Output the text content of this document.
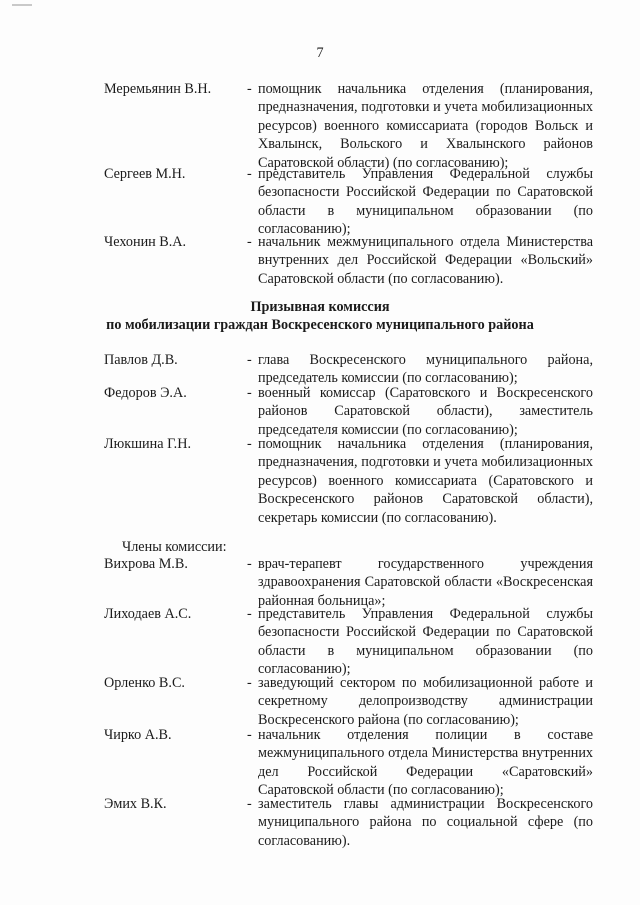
7
Меремьянин В.Н.	- помощник начальника отделения (планирования, предназначения, подготовки и учета мобилизационных ресурсов) военного комиссариата (городов Вольск и Хвалынск, Вольского и Хвалынского районов Саратовской области) (по согласованию);
Сергеев М.Н.	- представитель Управления Федеральной службы безопасности Российской Федерации по Саратовской области в муниципальном образовании (по согласованию);
Чехонин В.А.	- начальник межмуниципального отдела Министерства внутренних дел Российской Федерации «Вольский» Саратовской области (по согласованию).
Призывная комиссия
по мобилизации граждан Воскресенского муниципального района
Павлов Д.В.	- глава Воскресенского муниципального района, председатель комиссии (по согласованию);
Федоров Э.А.	- военный комиссар (Саратовского и Воскресенского районов Саратовской области), заместитель председателя комиссии (по согласованию);
Люкшина Г.Н.	- помощник начальника отделения (планирования, предназначения, подготовки и учета мобилизационных ресурсов) военного комиссариата (Саратовского и Воскресенского районов Саратовской области), секретарь комиссии (по согласованию).
Члены комиссии:
Вихрова М.В.	- врач-терапевт государственного учреждения здравоохранения Саратовской области «Воскресенская районная больница»;
Лиходаев А.С.	- представитель Управления Федеральной службы безопасности Российской Федерации по Саратовской области в муниципальном образовании (по согласованию);
Орленко В.С.	- заведующий сектором по мобилизационной работе и секретному делопроизводству администрации Воскресенского района (по согласованию);
Чирко А.В.	- начальник отделения полиции в составе межмуниципального отдела Министерства внутренних дел Российской Федерации «Саратовский» Саратовской области (по согласованию);
Эмих В.К.	- заместитель главы администрации Воскресенского муниципального района по социальной сфере (по согласованию).
